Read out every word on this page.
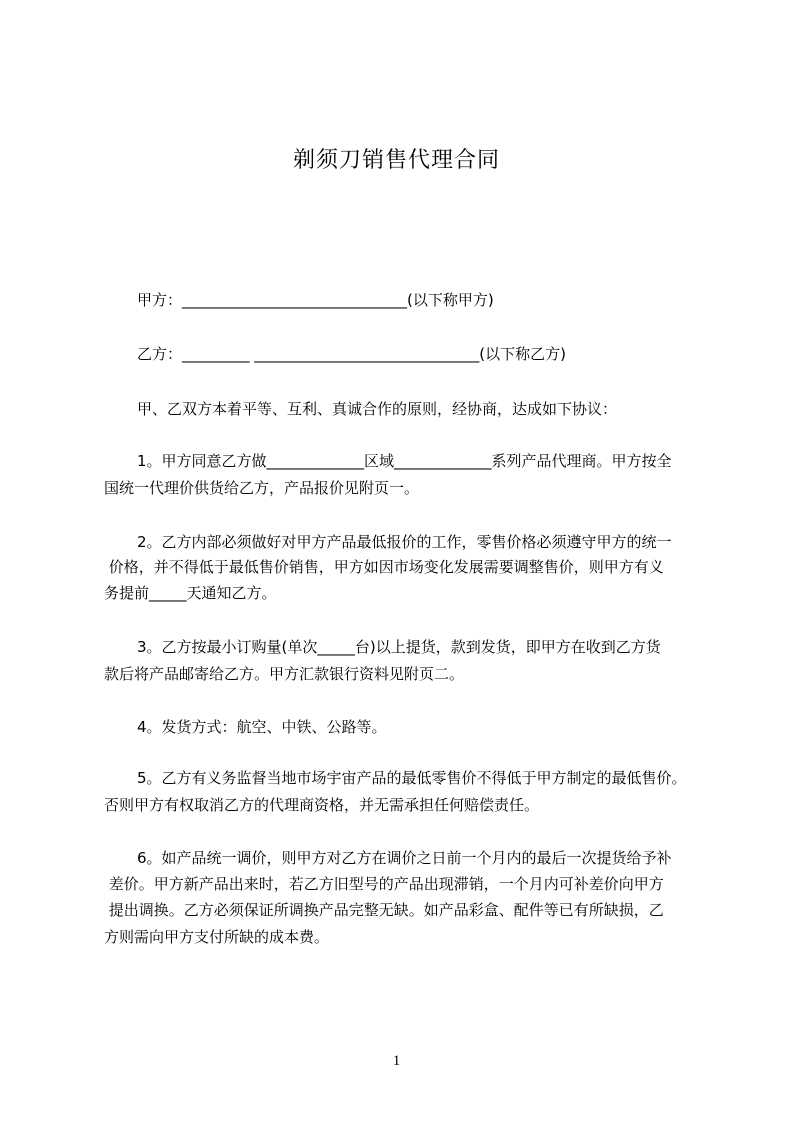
剃须刀销售代理合同
甲方：______________________________(以下称甲方)
乙方：_________ ______________________________(以下称乙方)
甲、乙双方本着平等、互利、真诚合作的原则，经协商，达成如下协议：
1。甲方同意乙方做_____________区域_____________系列产品代理商。甲方按全
国统一代理价供货给乙方，产品报价见附页一。
2。乙方内部必须做好对甲方产品最低报价的工作，零售价格必须遵守甲方的统一
价格，并不得低于最低售价销售，甲方如因市场变化发展需要调整售价，则甲方有义
务提前_____天通知乙方。
3。乙方按最小订购量(单次_____台)以上提货，款到发货，即甲方在收到乙方货
款后将产品邮寄给乙方。甲方汇款银行资料见附页二。
4。发货方式：航空、中铁、公路等。
5。乙方有义务监督当地市场宇宙产品的最低零售价不得低于甲方制定的最低售价。
否则甲方有权取消乙方的代理商资格，并无需承担任何赔偿责任。
6。如产品统一调价，则甲方对乙方在调价之日前一个月内的最后一次提货给予补
差价。甲方新产品出来时，若乙方旧型号的产品出现滞销，一个月内可补差价向甲方
提出调换。乙方必须保证所调换产品完整无缺。如产品彩盒、配件等已有所缺损，乙
方则需向甲方支付所缺的成本费。
1
